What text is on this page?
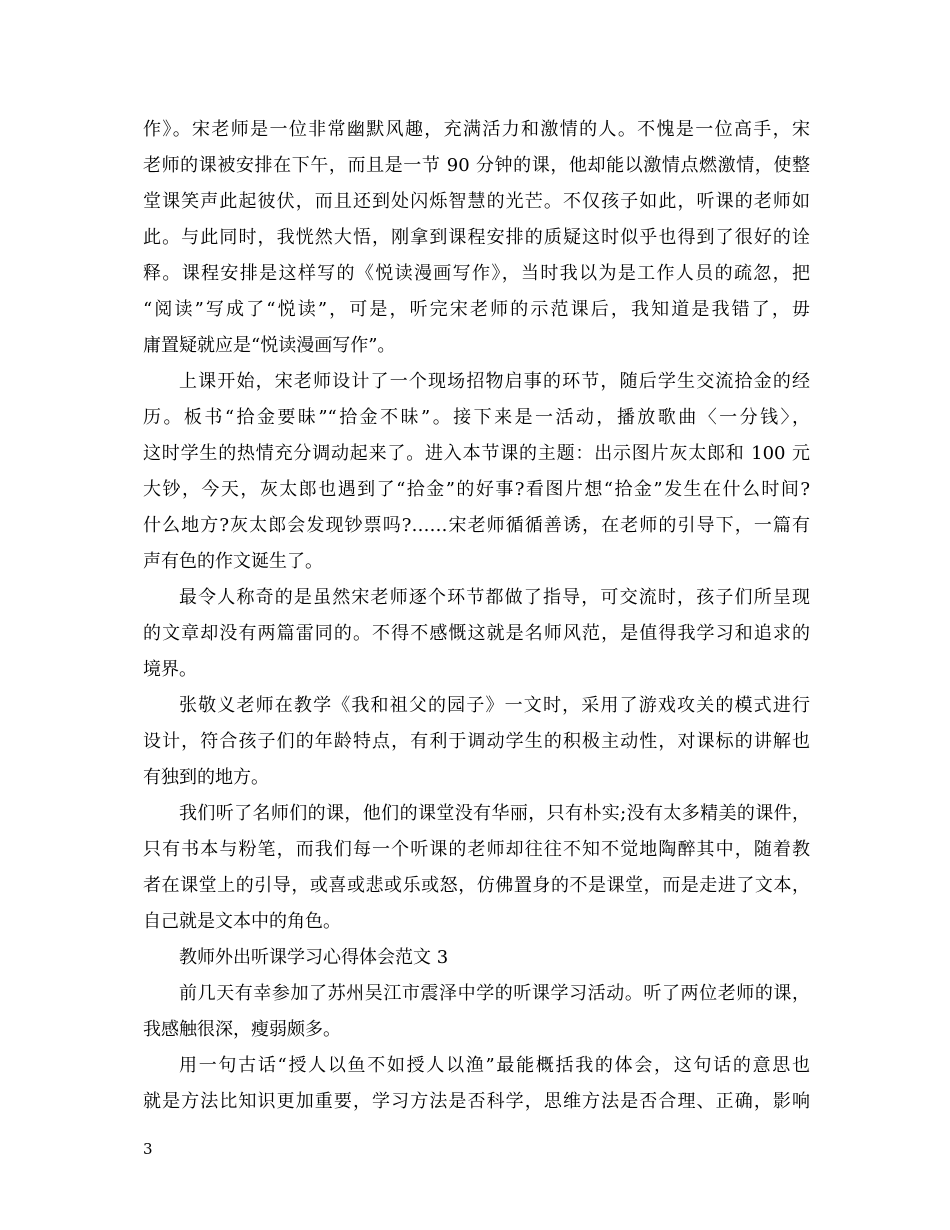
作》。宋老师是一位非常幽默风趣，充满活力和激情的人。不愧是一位高手，宋
老师的课被安排在下午，而且是一节 90 分钟的课，他却能以激情点燃激情，使整
堂课笑声此起彼伏，而且还到处闪烁智慧的光芒。不仅孩子如此，听课的老师如
此。与此同时，我恍然大悟，刚拿到课程安排的质疑这时似乎也得到了很好的诠
释。课程安排是这样写的《悦读漫画写作》，当时我以为是工作人员的疏忽，把
“阅读”写成了“悦读”，可是，听完宋老师的示范课后，我知道是我错了，毋
庸置疑就应是“悦读漫画写作”。
上课开始，宋老师设计了一个现场招物启事的环节，随后学生交流拾金的经
历。板书“拾金要昧”“拾金不昧”。接下来是一活动，播放歌曲〈一分钱〉，
这时学生的热情充分调动起来了。进入本节课的主题：出示图片灰太郎和 100 元
大钞，今天，灰太郎也遇到了“拾金”的好事?看图片想“拾金”发生在什么时间?
什么地方?灰太郎会发现钞票吗?……宋老师循循善诱，在老师的引导下，一篇有
声有色的作文诞生了。
最令人称奇的是虽然宋老师逐个环节都做了指导，可交流时，孩子们所呈现
的文章却没有两篇雷同的。不得不感慨这就是名师风范，是值得我学习和追求的
境界。
张敬义老师在教学《我和祖父的园子》一文时，采用了游戏攻关的模式进行
设计，符合孩子们的年龄特点，有利于调动学生的积极主动性，对课标的讲解也
有独到的地方。
我们听了名师们的课，他们的课堂没有华丽，只有朴实;没有太多精美的课件，
只有书本与粉笔，而我们每一个听课的老师却往往不知不觉地陶醉其中，随着教
者在课堂上的引导，或喜或悲或乐或怒，仿佛置身的不是课堂，而是走进了文本，
自己就是文本中的角色。
教师外出听课学习心得体会范文 3
前几天有幸参加了苏州吴江市震泽中学的听课学习活动。听了两位老师的课，
我感触很深，瘦弱颇多。
用一句古话“授人以鱼不如授人以渔”最能概括我的体会，这句话的意思也
就是方法比知识更加重要，学习方法是否科学，思维方法是否合理、正确，影响
3
